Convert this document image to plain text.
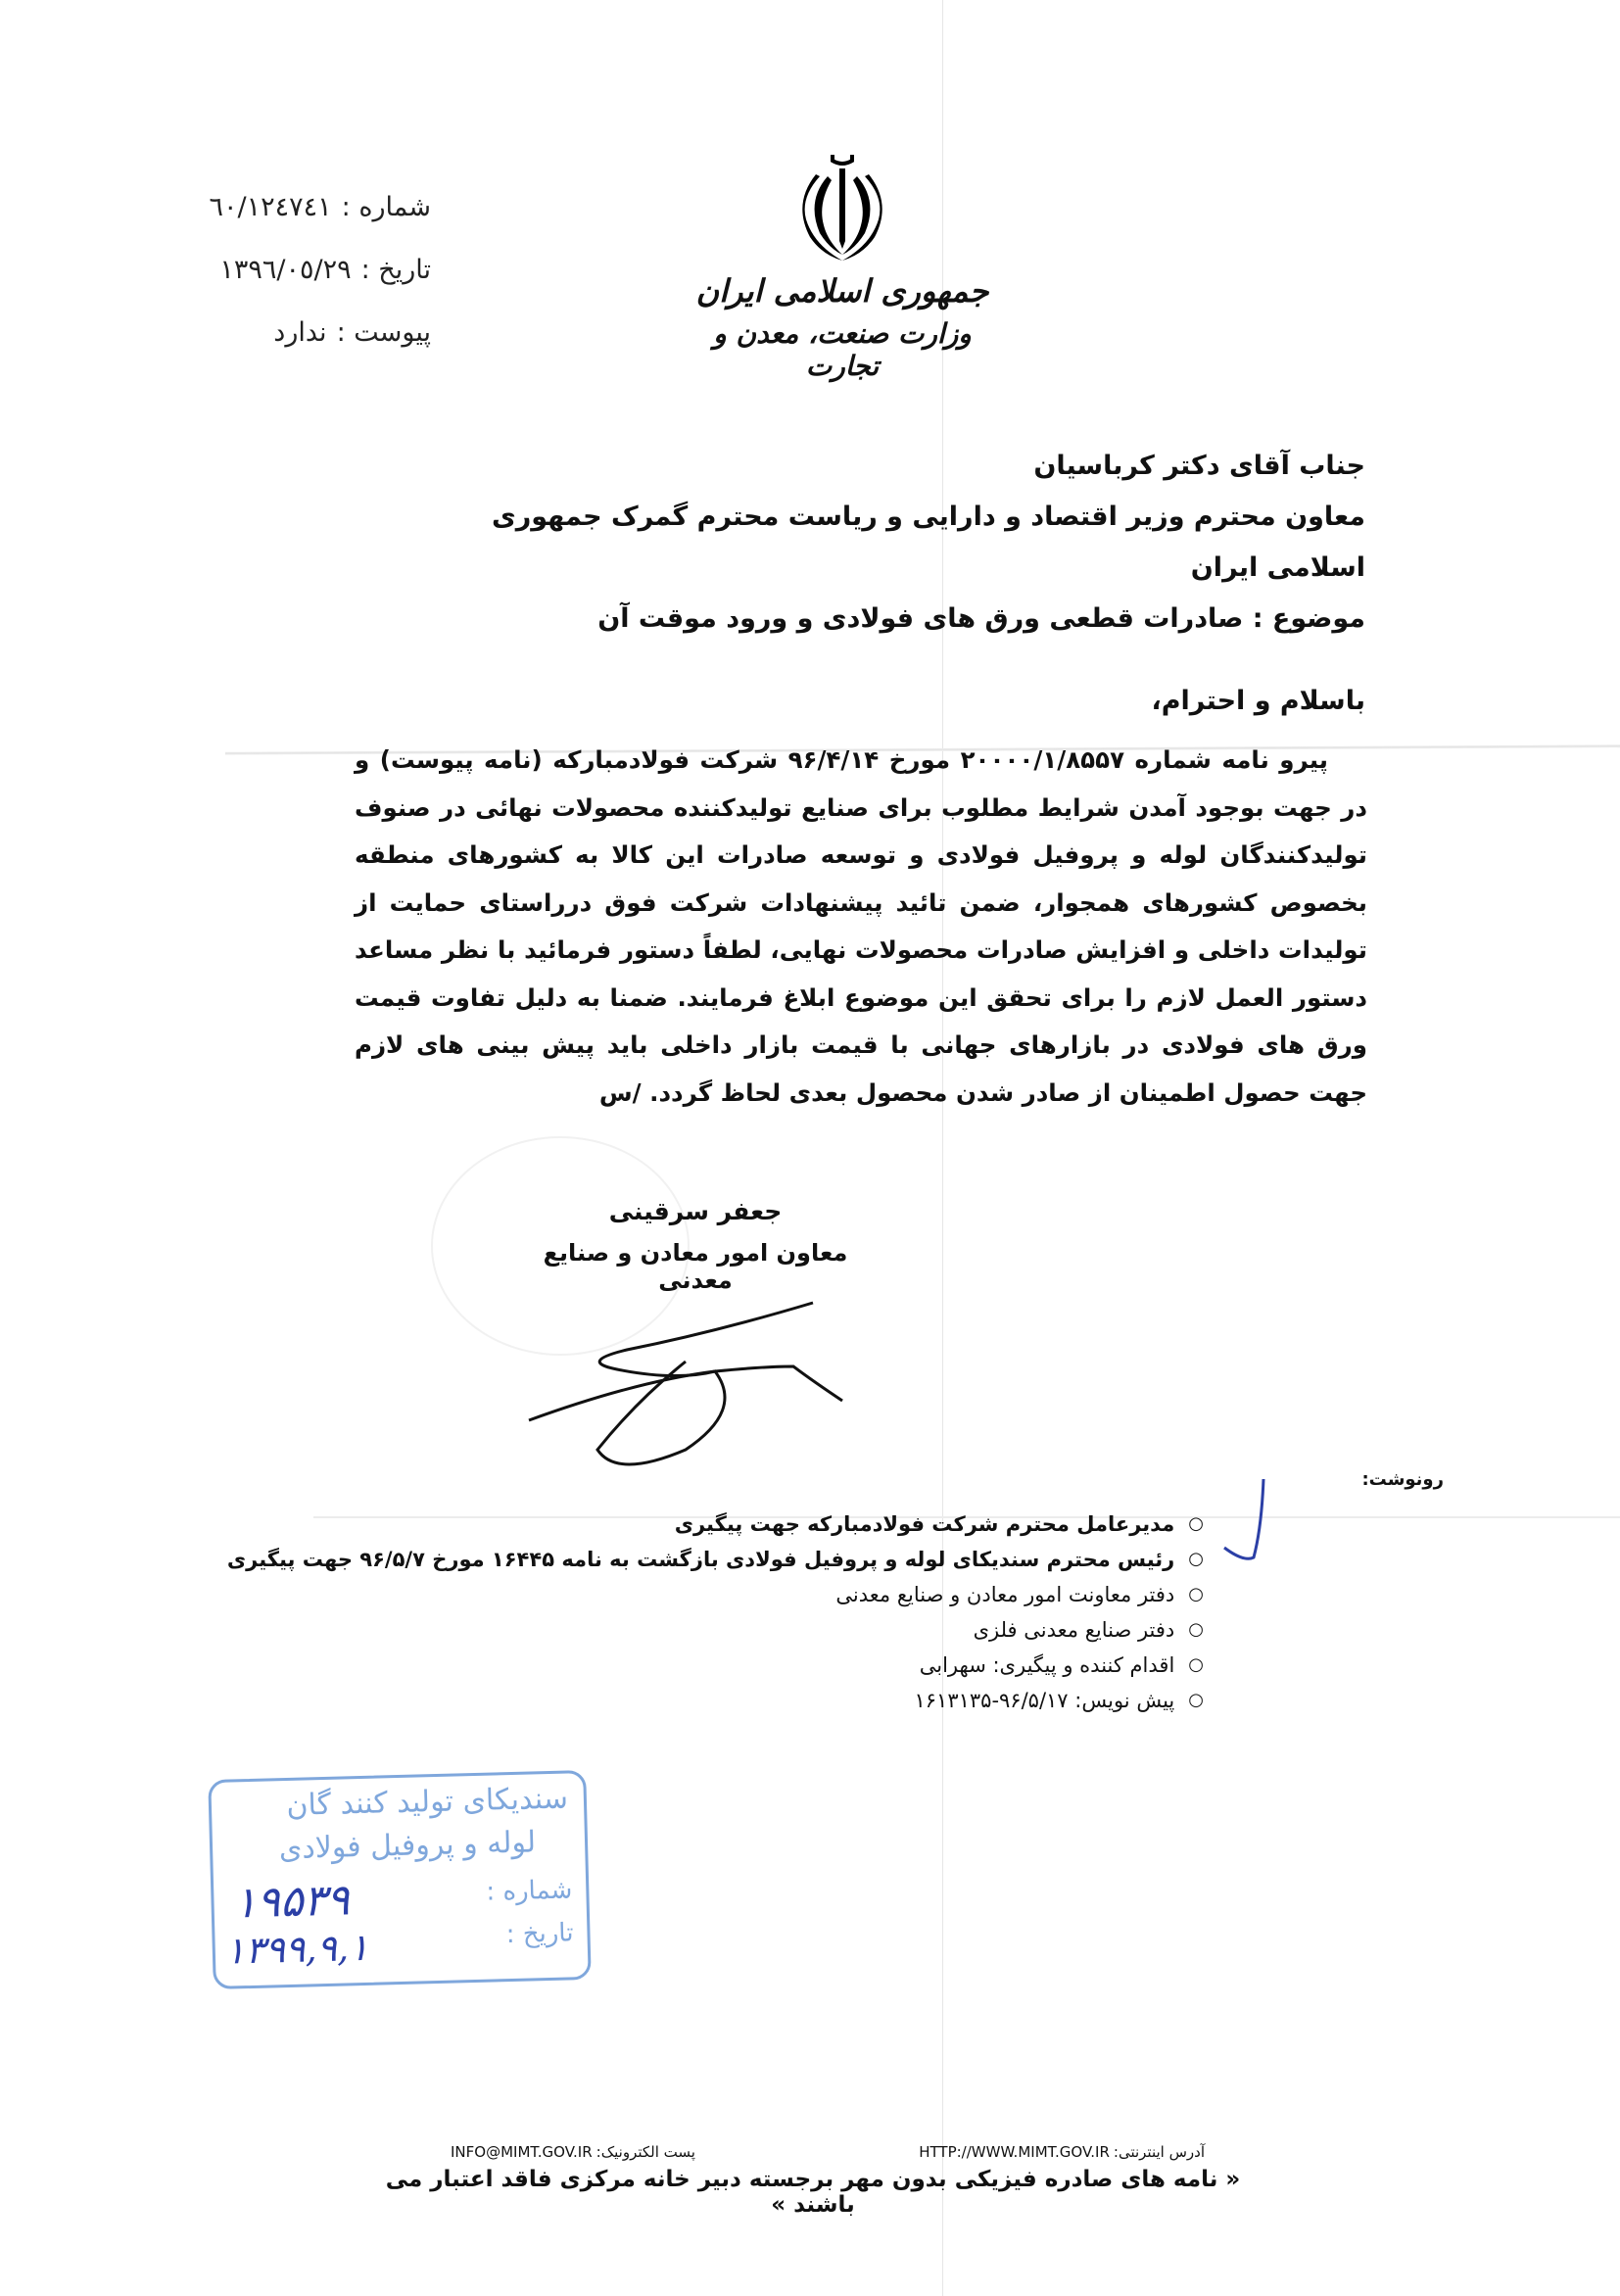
شماره :
٦٠/١٢٤٧٤١
تاریخ :
١٣٩٦/٠٥/٢٩
پیوست :
ندارد
جمهوری اسلامی ایران
وزارت صنعت، معدن و تجارت
جناب آقای دکتر کرباسیان
معاون محترم وزیر اقتصاد و دارایی و ریاست محترم گمرک جمهوری اسلامی ایران
موضوع : صادرات قطعی ورق های فولادی و ورود موقت آن
باسلام و احترام،
پیرو نامه شماره ۲۰۰۰۰/۱/۸۵۵۷ مورخ ۹۶/۴/۱۴ شرکت فولادمبارکه (نامه پیوست) و در جهت بوجود آمدن شرایط مطلوب برای صنایع تولیدکننده محصولات نهائی در صنوف تولیدکنندگان لوله و پروفیل فولادی و توسعه صادرات این کالا به کشورهای منطقه بخصوص کشورهای همجوار، ضمن تائید پیشنهادات شرکت فوق درراستای حمایت از تولیدات داخلی و افزایش صادرات محصولات نهایی، لطفاً دستور فرمائید با نظر مساعد دستور العمل لازم را برای تحقق این موضوع ابلاغ فرمایند. ضمنا به دلیل تفاوت قیمت ورق های فولادی در بازارهای جهانی با قیمت بازار داخلی باید پیش بینی های لازم جهت حصول اطمینان از صادر شدن محصول بعدی لحاظ گردد. /س
جعفر سرقینی
معاون امور معادن و صنایع معدنی
رونوشت:
○
مدیرعامل محترم شرکت فولادمبارکه جهت پیگیری
○
رئیس محترم سندیکای لوله و پروفیل فولادی بازگشت به نامه ۱۶۴۴۵ مورخ ۹۶/۵/۷ جهت پیگیری
○
دفتر معاونت امور معادن و صنایع معدنی
○
دفتر صنایع معدنی فلزی
○
اقدام کننده و پیگیری: سهرابی
○
پیش نویس: ۹۶/۵/۱۷-۱۶۱۳۱۳۵
سندیکای تولید کنند گان
لوله و پروفیل فولادی
شماره :
تاریخ :
۱۹۵۳۹
۱۳۹۹,۹,۱
آدرس اینترنتی:
HTTP://WWW.MIMT.GOV.IR
پست الکترونیک:
INFO@MIMT.GOV.IR
« نامه های صادره فیزیکی بدون مهر برجسته دبیر خانه مرکزی فاقد اعتبار می باشند »
